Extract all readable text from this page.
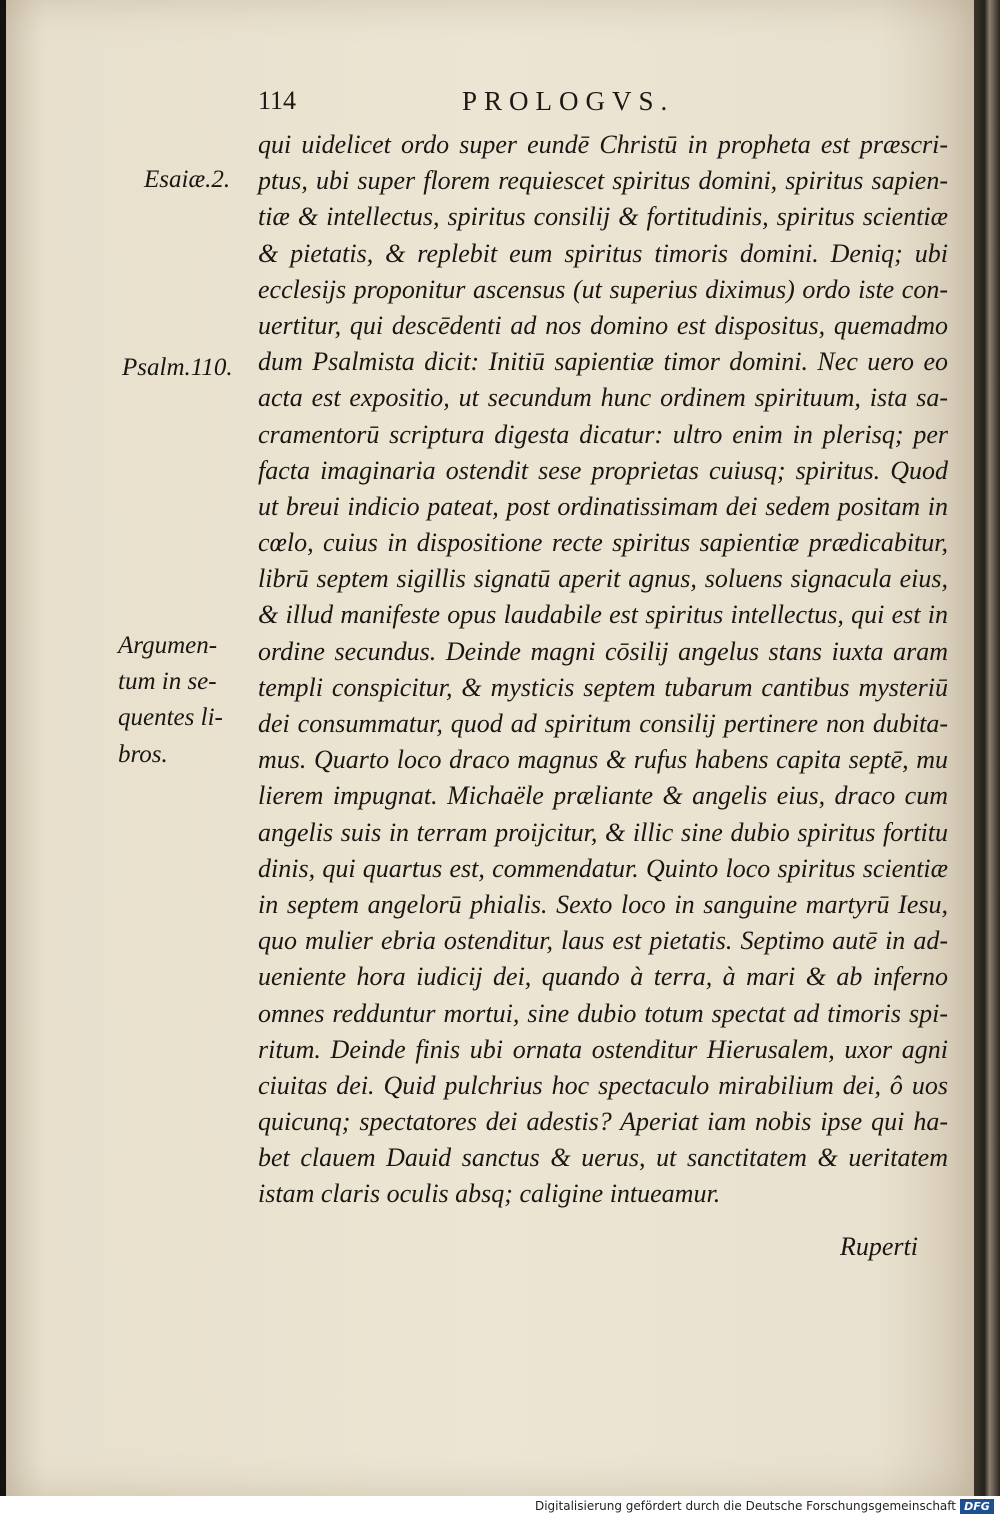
114	PROLOGVS.
Esaiæ.2.
Psalm.110.
Argumen-
tum in se-
quentes li-
bros.
qui uidelicet ordo super eundē Christū in propheta est præscri-
ptus, ubi super florem requiescet spiritus domini, spiritus sapien-
tiæ & intellectus, spiritus consilij & fortitudinis, spiritus scientiæ
& pietatis, & replebit eum spiritus timoris domini. Deniq; ubi
ecclesijs proponitur ascensus (ut superius diximus) ordo iste con-
uertitur, qui descēdenti ad nos domino est dispositus, quemadmo
dum Psalmista dicit: Initiū sapientiæ timor domini. Nec uero eo
acta est expositio, ut secundum hunc ordinem spirituum, ista sa-
cramentorū scriptura digesta dicatur: ultro enim in plerisq; per
facta imaginaria ostendit sese proprietas cuiusq; spiritus. Quod
ut breui indicio pateat, post ordinatissimam dei sedem positam in
cœlo, cuius in dispositione recte spiritus sapientiæ prædicabitur,
librū septem sigillis signatū aperit agnus, soluens signacula eius,
& illud manifeste opus laudabile est spiritus intellectus, qui est in
ordine secundus. Deinde magni cōsilij angelus stans iuxta aram
templi conspicitur, & mysticis septem tubarum cantibus mysteriū
dei consummatur, quod ad spiritum consilij pertinere non dubita-
mus. Quarto loco draco magnus & rufus habens capita septē, mu
lierem impugnat. Michaële præliante & angelis eius, draco cum
angelis suis in terram proijcitur, & illic sine dubio spiritus fortitu
dinis, qui quartus est, commendatur. Quinto loco spiritus scientiæ
in septem angelorū phialis. Sexto loco in sanguine martyrū Iesu,
quo mulier ebria ostenditur, laus est pietatis. Septimo autē in ad-
ueniente hora iudicij dei, quando à terra, à mari & ab inferno
omnes redduntur mortui, sine dubio totum spectat ad timoris spi-
ritum. Deinde finis ubi ornata ostenditur Hierusalem, uxor agni
ciuitas dei. Quid pulchrius hoc spectaculo mirabilium dei, ô uos
quicunq; spectatores dei adestis? Aperiat iam nobis ipse qui ha-
bet clauem Dauid sanctus & uerus, ut sanctitatem & ueritatem
istam claris oculis absq; caligine intueamur.
Ruperti
Digitalisierung gefördert durch die Deutsche Forschungsgemeinschaft DFG
